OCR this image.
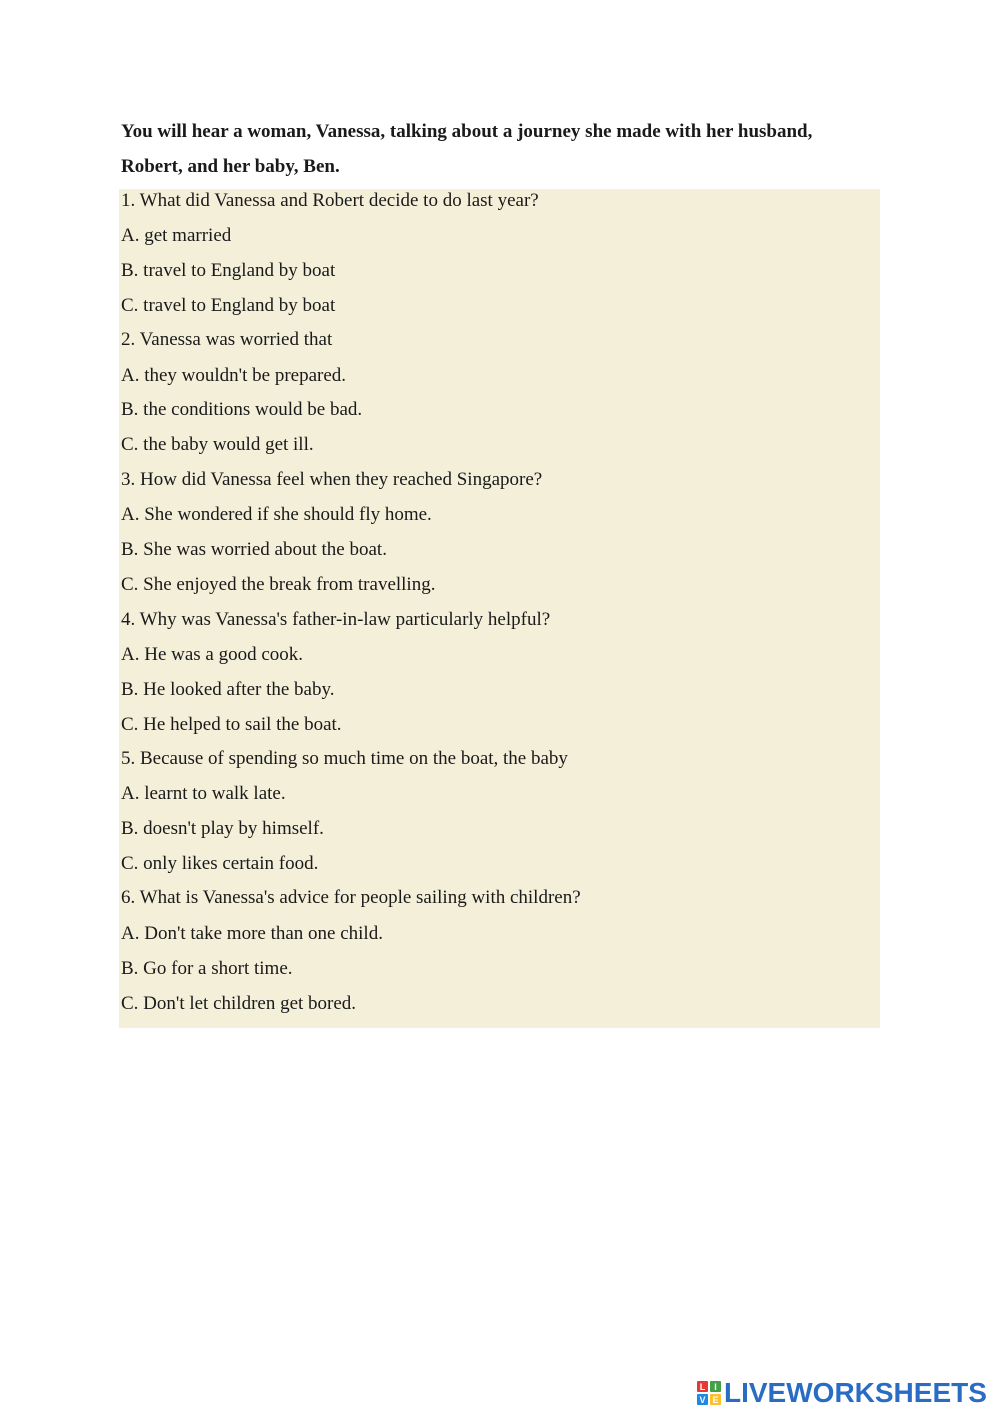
You will hear a woman, Vanessa, talking about a journey she made with her husband,

Robert, and her baby, Ben.

1. What did Vanessa and Robert decide to do last year?
A. get married
B. travel to England by boat
C. travel to England by boat
2. Vanessa was worried that
A. they wouldn't be prepared.
B. the conditions would be bad.
C. the baby would get ill.
3. How did Vanessa feel when they reached Singapore?
A. She wondered if she should fly home.
B. She was worried about the boat.
C. She enjoyed the break from travelling.
4. Why was Vanessa's father-in-law particularly helpful?
A. He was a good cook.
B. He looked after the baby.
C. He helped to sail the boat.
5. Because of spending so much time on the boat, the baby
A. learnt to walk late.
B. doesn't play by himself.
C. only likes certain food.
6. What is Vanessa's advice for people sailing with children?
A. Don't take more than one child.
B. Go for a short time.
C. Don't let children get bored.
L I
V E LIVEWORKSHEETS
